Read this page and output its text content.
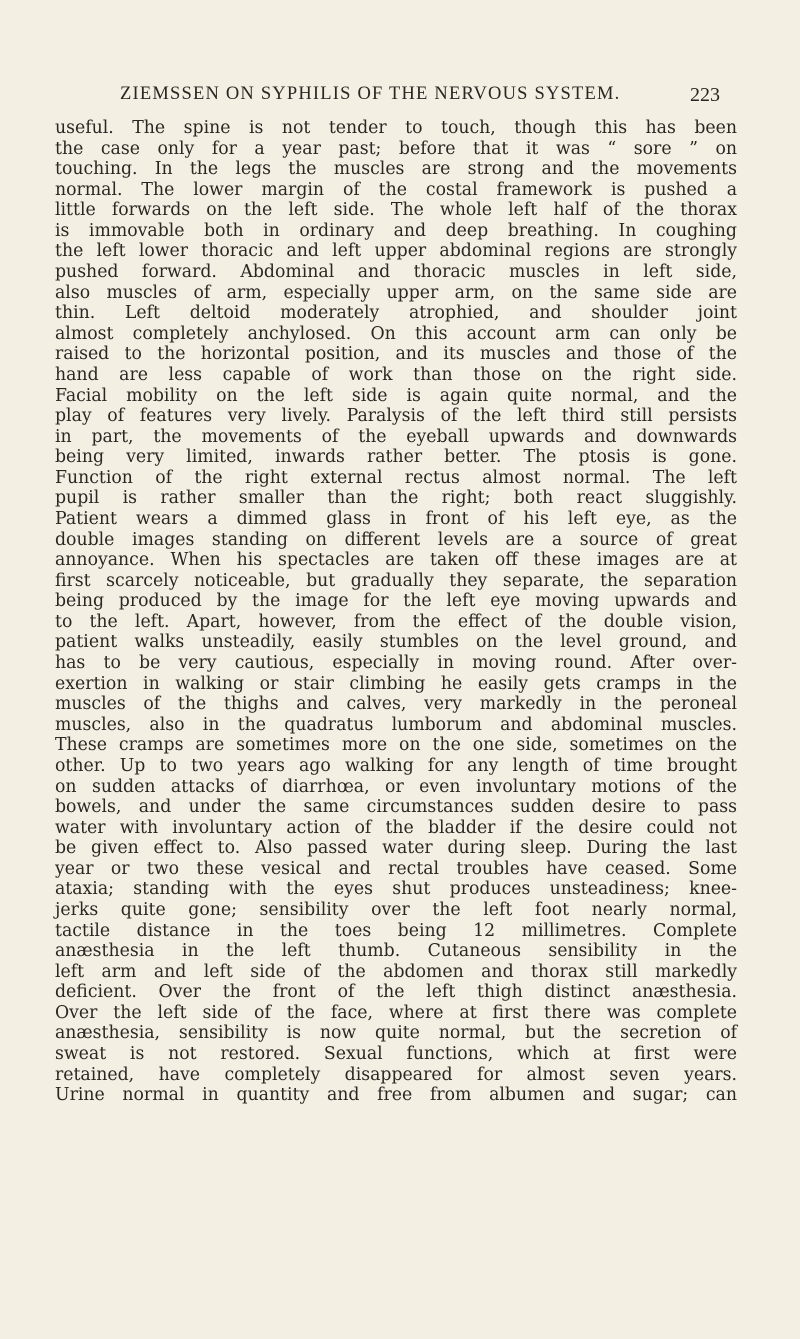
ZIEMSSEN ON SYPHILIS OF THE NERVOUS SYSTEM.	223
useful. The spine is not tender to touch, though this has been
the case only for a year past; before that it was “ sore ” on
touching. In the legs the muscles are strong and the movements
normal. The lower margin of the costal framework is pushed a
little forwards on the left side. The whole left half of the thorax
is immovable both in ordinary and deep breathing. In coughing
the left lower thoracic and left upper abdominal regions are strongly
pushed forward. Abdominal and thoracic muscles in left side,
also muscles of arm, especially upper arm, on the same side are
thin. Left deltoid moderately atrophied, and shoulder joint
almost completely anchylosed. On this account arm can only be
raised to the horizontal position, and its muscles and those of the
hand are less capable of work than those on the right side.
Facial mobility on the left side is again quite normal, and the
play of features very lively. Paralysis of the left third still persists
in part, the movements of the eyeball upwards and downwards
being very limited, inwards rather better. The ptosis is gone.
Function of the right external rectus almost normal. The left
pupil is rather smaller than the right; both react sluggishly.
Patient wears a dimmed glass in front of his left eye, as the
double images standing on different levels are a source of great
annoyance. When his spectacles are taken off these images are at
first scarcely noticeable, but gradually they separate, the separation
being produced by the image for the left eye moving upwards and
to the left. Apart, however, from the effect of the double vision,
patient walks unsteadily, easily stumbles on the level ground, and
has to be very cautious, especially in moving round. After over-
exertion in walking or stair climbing he easily gets cramps in the
muscles of the thighs and calves, very markedly in the peroneal
muscles, also in the quadratus lumborum and abdominal muscles.
These cramps are sometimes more on the one side, sometimes on the
other. Up to two years ago walking for any length of time brought
on sudden attacks of diarrhœa, or even involuntary motions of the
bowels, and under the same circumstances sudden desire to pass
water with involuntary action of the bladder if the desire could not
be given effect to. Also passed water during sleep. During the last
year or two these vesical and rectal troubles have ceased. Some
ataxia; standing with the eyes shut produces unsteadiness; knee-
jerks quite gone; sensibility over the left foot nearly normal,
tactile distance in the toes being 12 millimetres. Complete
anæsthesia in the left thumb. Cutaneous sensibility in the
left arm and left side of the abdomen and thorax still markedly
deficient. Over the front of the left thigh distinct anæsthesia.
Over the left side of the face, where at first there was complete
anæsthesia, sensibility is now quite normal, but the secretion of
sweat is not restored. Sexual functions, which at first were
retained, have completely disappeared for almost seven years.
Urine normal in quantity and free from albumen and sugar; can
